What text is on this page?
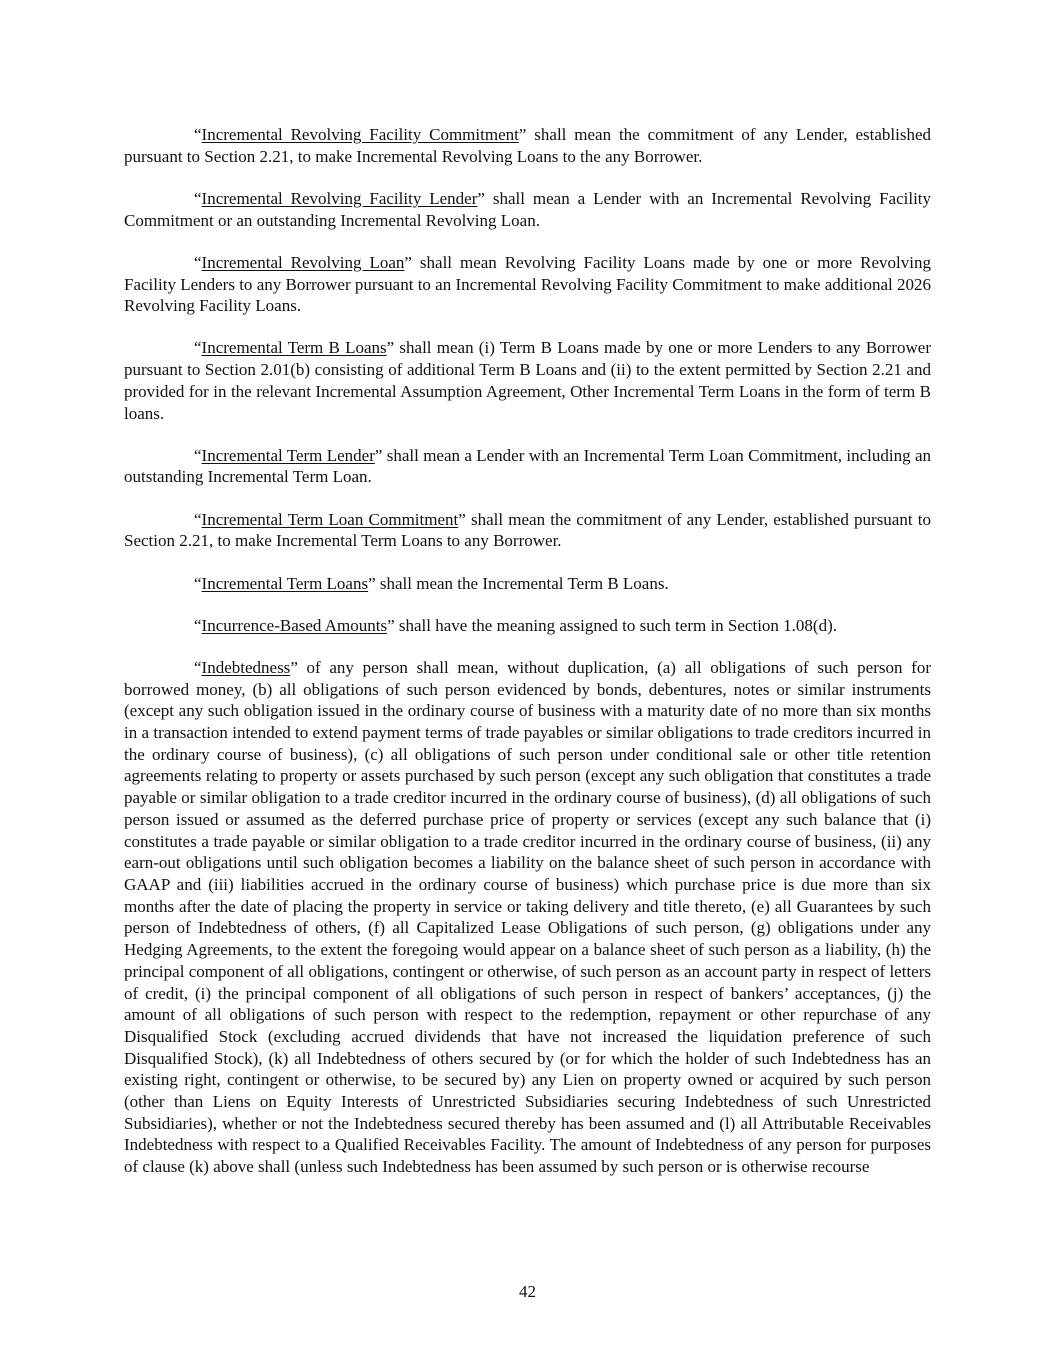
“Incremental Revolving Facility Commitment” shall mean the commitment of any Lender, established pursuant to Section 2.21, to make Incremental Revolving Loans to the any Borrower.

“Incremental Revolving Facility Lender” shall mean a Lender with an Incremental Revolving Facility Commitment or an outstanding Incremental Revolving Loan.

“Incremental Revolving Loan” shall mean Revolving Facility Loans made by one or more Revolving Facility Lenders to any Borrower pursuant to an Incremental Revolving Facility Commitment to make additional 2026 Revolving Facility Loans.

“Incremental Term B Loans” shall mean (i) Term B Loans made by one or more Lenders to any Borrower pursuant to Section 2.01(b) consisting of additional Term B Loans and (ii) to the extent permitted by Section 2.21 and provided for in the relevant Incremental Assumption Agreement, Other Incremental Term Loans in the form of term B loans.

“Incremental Term Lender” shall mean a Lender with an Incremental Term Loan Commitment, including an outstanding Incremental Term Loan.

“Incremental Term Loan Commitment” shall mean the commitment of any Lender, established pursuant to Section 2.21, to make Incremental Term Loans to any Borrower.

“Incremental Term Loans” shall mean the Incremental Term B Loans.

“Incurrence-Based Amounts” shall have the meaning assigned to such term in Section 1.08(d).

“Indebtedness” of any person shall mean, without duplication, (a) all obligations of such person for borrowed money, (b) all obligations of such person evidenced by bonds, debentures, notes or similar instruments (except any such obligation issued in the ordinary course of business with a maturity date of no more than six months in a transaction intended to extend payment terms of trade payables or similar obligations to trade creditors incurred in the ordinary course of business), (c) all obligations of such person under conditional sale or other title retention agreements relating to property or assets purchased by such person (except any such obligation that constitutes a trade payable or similar obligation to a trade creditor incurred in the ordinary course of business), (d) all obligations of such person issued or assumed as the deferred purchase price of property or services (except any such balance that (i) constitutes a trade payable or similar obligation to a trade creditor incurred in the ordinary course of business, (ii) any earn-out obligations until such obligation becomes a liability on the balance sheet of such person in accordance with GAAP and (iii) liabilities accrued in the ordinary course of business) which purchase price is due more than six months after the date of placing the property in service or taking delivery and title thereto, (e) all Guarantees by such person of Indebtedness of others, (f) all Capitalized Lease Obligations of such person, (g) obligations under any Hedging Agreements, to the extent the foregoing would appear on a balance sheet of such person as a liability, (h) the principal component of all obligations, contingent or otherwise, of such person as an account party in respect of letters of credit, (i) the principal component of all obligations of such person in respect of bankers’ acceptances, (j) the amount of all obligations of such person with respect to the redemption, repayment or other repurchase of any Disqualified Stock (excluding accrued dividends that have not increased the liquidation preference of such Disqualified Stock), (k) all Indebtedness of others secured by (or for which the holder of such Indebtedness has an existing right, contingent or otherwise, to be secured by) any Lien on property owned or acquired by such person (other than Liens on Equity Interests of Unrestricted Subsidiaries securing Indebtedness of such Unrestricted Subsidiaries), whether or not the Indebtedness secured thereby has been assumed and (l) all Attributable Receivables Indebtedness with respect to a Qualified Receivables Facility. The amount of Indebtedness of any person for purposes of clause (k) above shall (unless such Indebtedness has been assumed by such person or is otherwise recourse

42
